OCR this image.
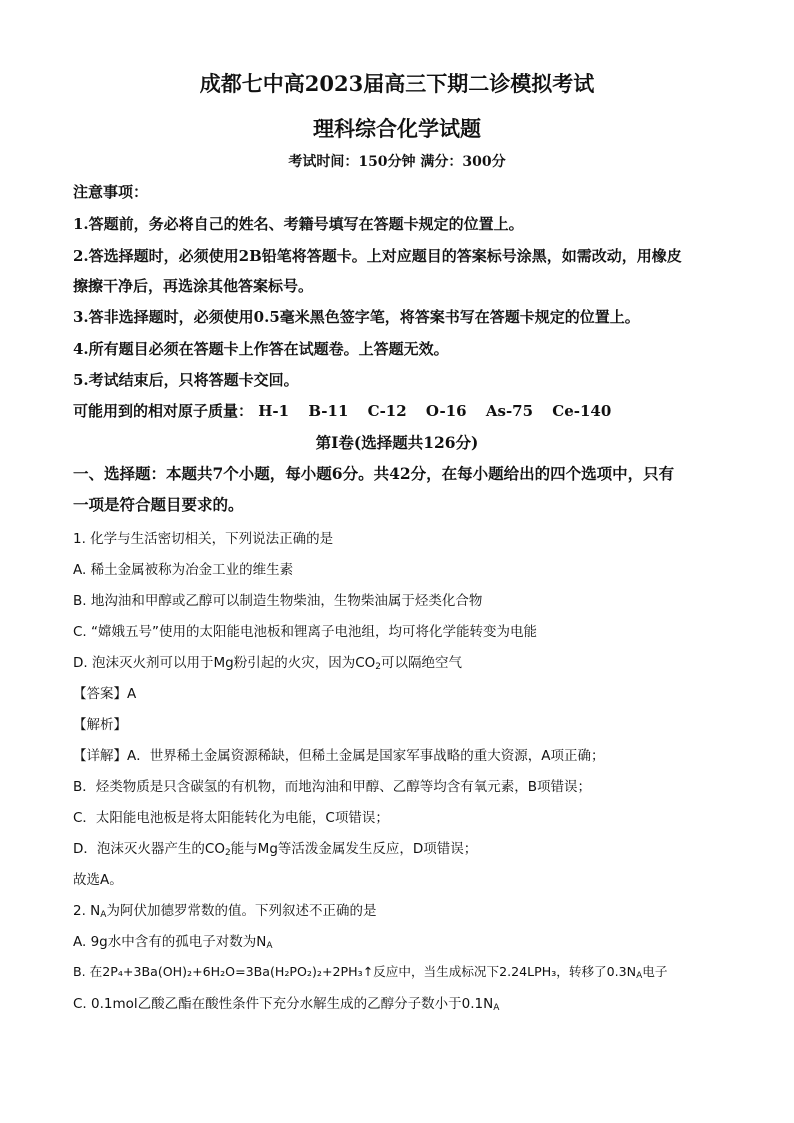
成都七中高2023届高三下期二诊模拟考试
理科综合化学试题
考试时间：150分钟 满分：300分
注意事项：
1.答题前，务必将自己的姓名、考籍号填写在答题卡规定的位置上。
2.答选择题时，必须使用2B铅笔将答题卡。上对应题目的答案标号涂黑，如需改动，用橡皮
擦擦干净后，再选涂其他答案标号。
3.答非选择题时，必须使用0.5毫米黑色签字笔，将答案书写在答题卡规定的位置上。
4.所有题目必须在答题卡上作答在试题卷。上答题无效。
5.考试结束后，只将答题卡交回。
可能用到的相对原子质量： H-1 B-11 C-12 O-16 As-75 Ce-140
第Ⅰ卷(选择题共126分)
一、选择题：本题共7个小题，每小题6分。共42分，在每小题给出的四个选项中，只有
一项是符合题目要求的。
1. 化学与生活密切相关，下列说法正确的是
A. 稀土金属被称为冶金工业的维生素
B. 地沟油和甲醇或乙醇可以制造生物柴油，生物柴油属于烃类化合物
C. “嫦娥五号”使用的太阳能电池板和锂离子电池组，均可将化学能转变为电能
D. 泡沫灭火剂可以用于Mg粉引起的火灾，因为$CO_2$可以隔绝空气
【答案】A
【解析】
【详解】A．世界稀土金属资源稀缺，但稀土金属是国家军事战略的重大资源，A项正确；
B．烃类物质是只含碳氢的有机物，而地沟油和甲醇、乙醇等均含有氧元素，B项错误；
C．太阳能电池板是将太阳能转化为电能，C项错误；
D．泡沫灭火器产生的$CO_2$能与Mg等活泼金属发生反应，D项错误；
故选A。
2. $N_A$为阿伏加德罗常数的值。下列叙述不正确的是
A. 9g水中含有的孤电子对数为$N_A$
B. 在2P₄+3Ba(OH)₂+6H₂O=3Ba(H₂PO₂)₂+2PH₃↑反应中，当生成标况下2.24LPH₃，转移了$0.3N_A$电子
C. 0.1mol乙酸乙酯在酸性条件下充分水解生成的乙醇分子数小于$0.1N_A$
